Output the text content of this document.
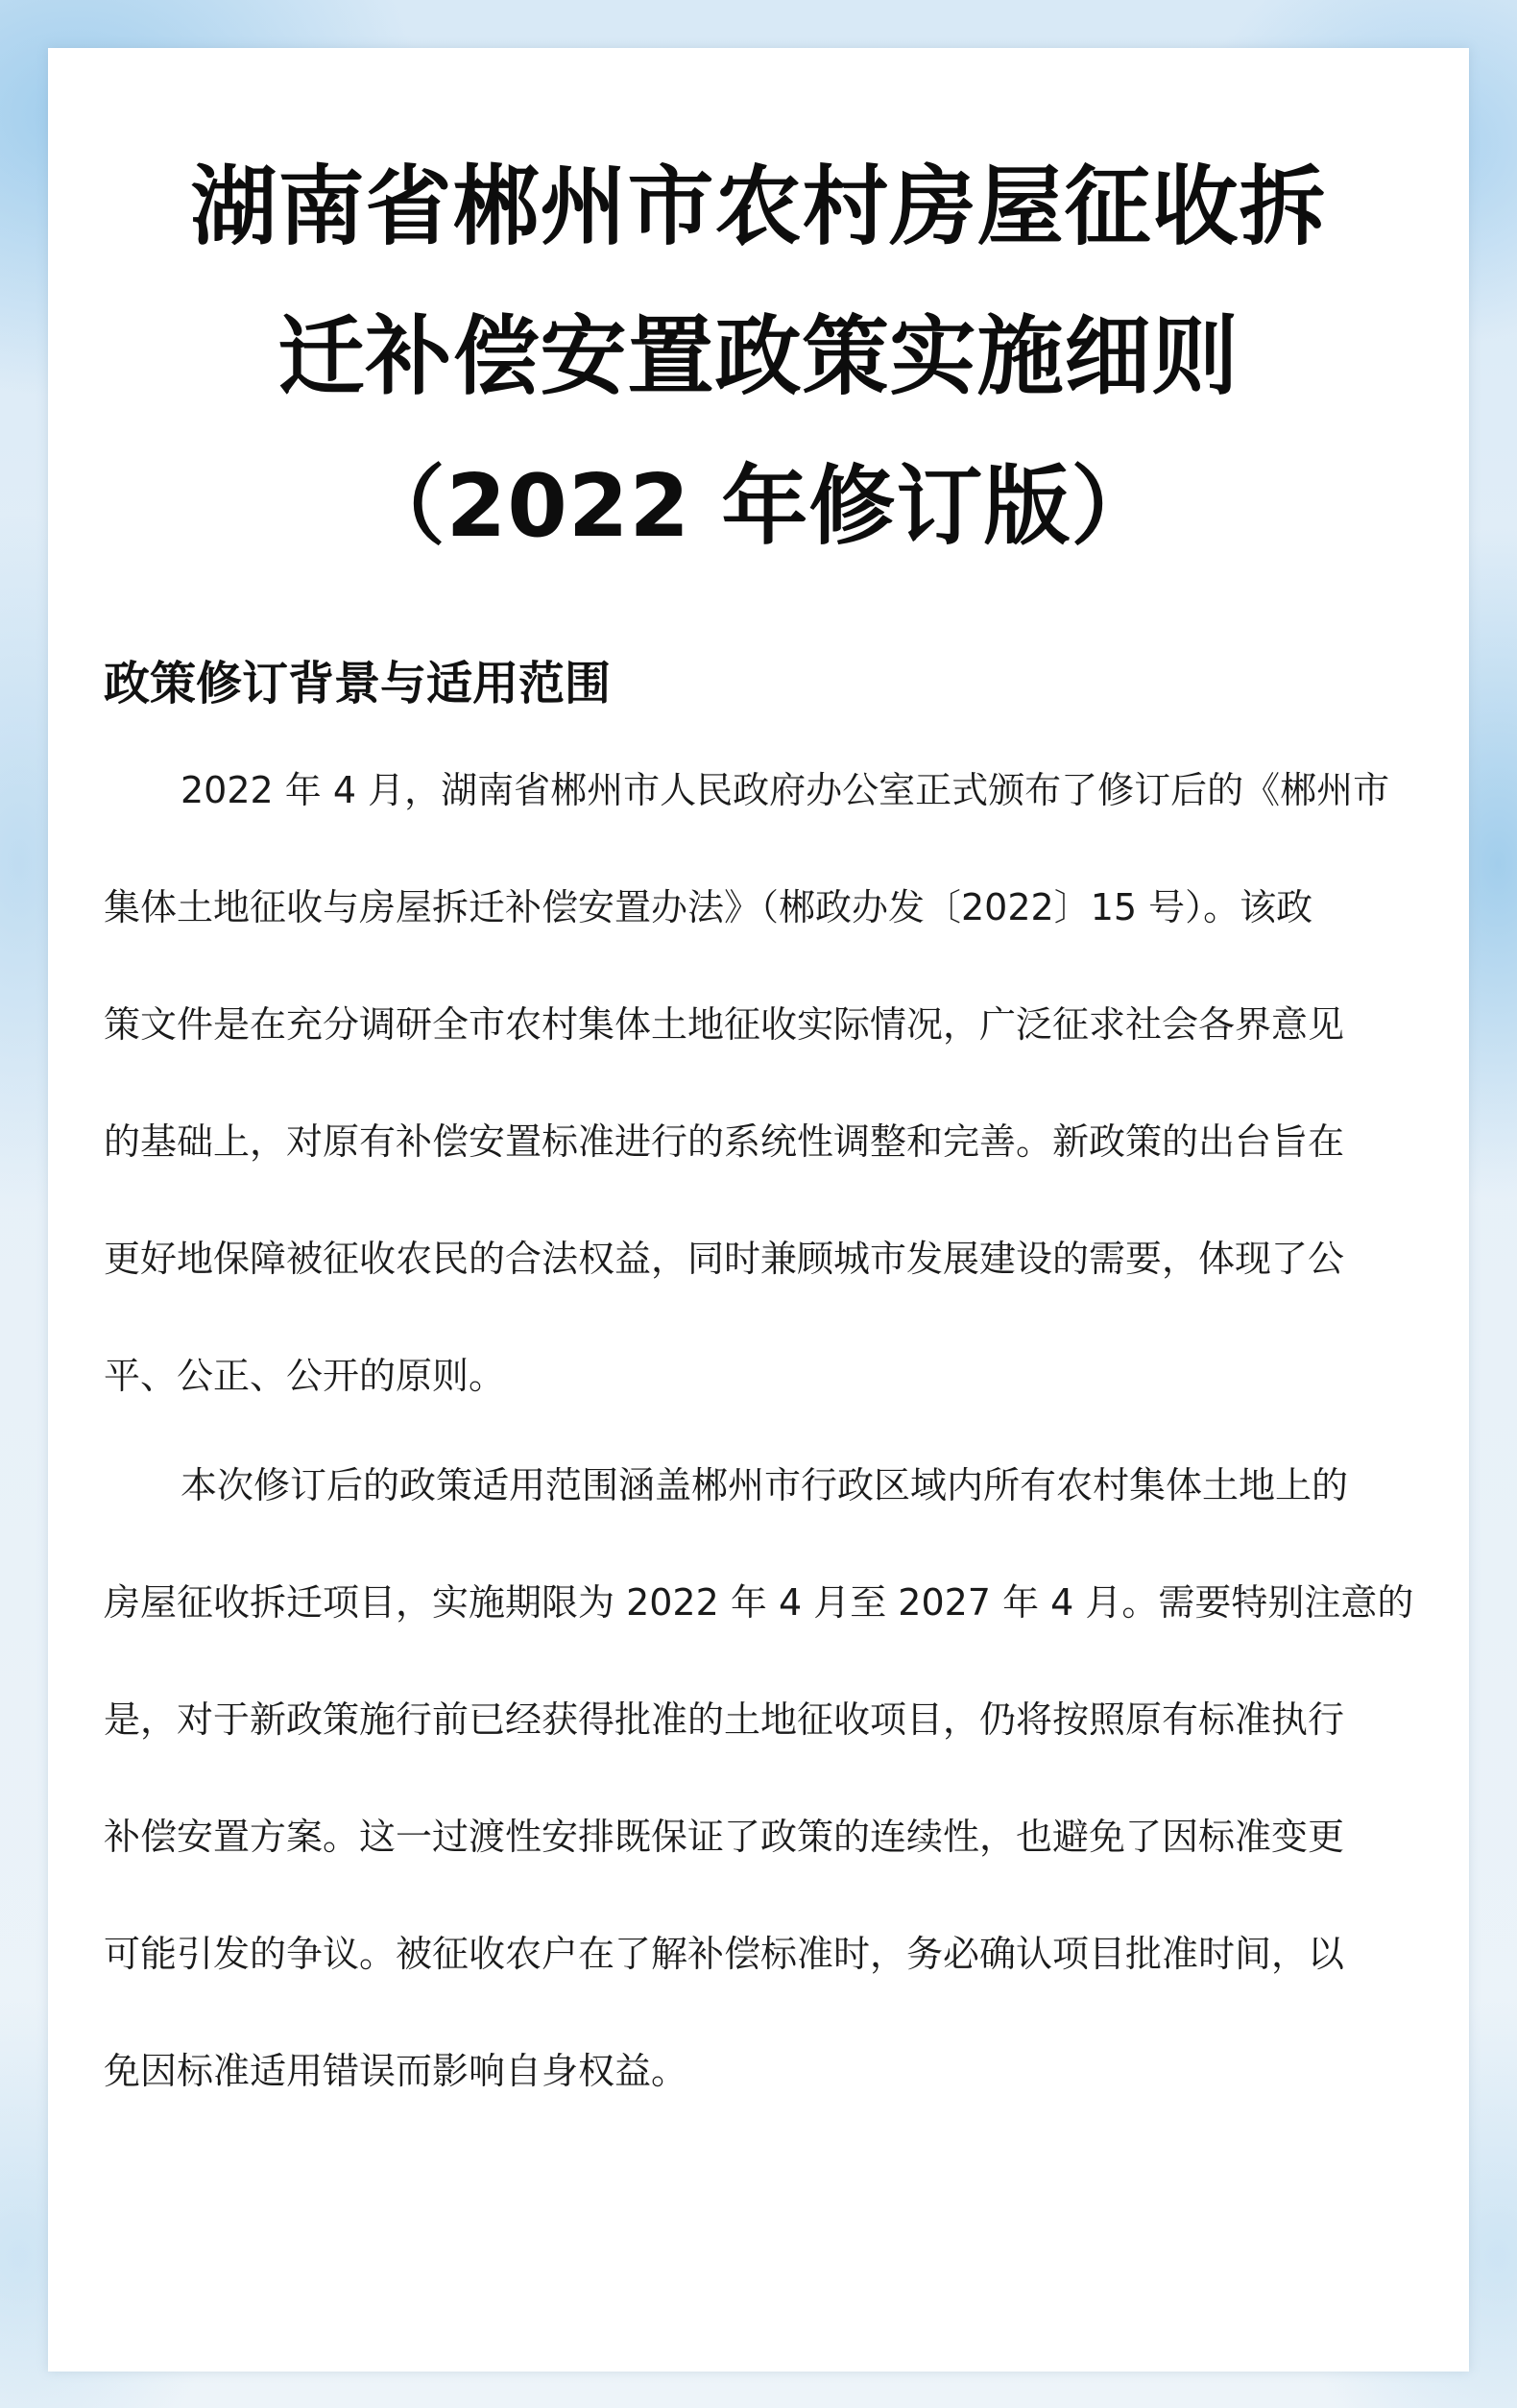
湖南省郴州市农村房屋征收拆
迁补偿安置政策实施细则
（2022 年修订版）
政策修订背景与适用范围
2022 年 4 月，湖南省郴州市人民政府办公室正式颁布了修订后的《郴州市
集体土地征收与房屋拆迁补偿安置办法》（郴政办发〔2022〕15 号）。该政
策文件是在充分调研全市农村集体土地征收实际情况，广泛征求社会各界意见
的基础上，对原有补偿安置标准进行的系统性调整和完善。新政策的出台旨在
更好地保障被征收农民的合法权益，同时兼顾城市发展建设的需要，体现了公
平、公正、公开的原则。
本次修订后的政策适用范围涵盖郴州市行政区域内所有农村集体土地上的
房屋征收拆迁项目，实施期限为 2022 年 4 月至 2027 年 4 月。需要特别注意的
是，对于新政策施行前已经获得批准的土地征收项目，仍将按照原有标准执行
补偿安置方案。这一过渡性安排既保证了政策的连续性，也避免了因标准变更
可能引发的争议。被征收农户在了解补偿标准时，务必确认项目批准时间，以
免因标准适用错误而影响自身权益。
